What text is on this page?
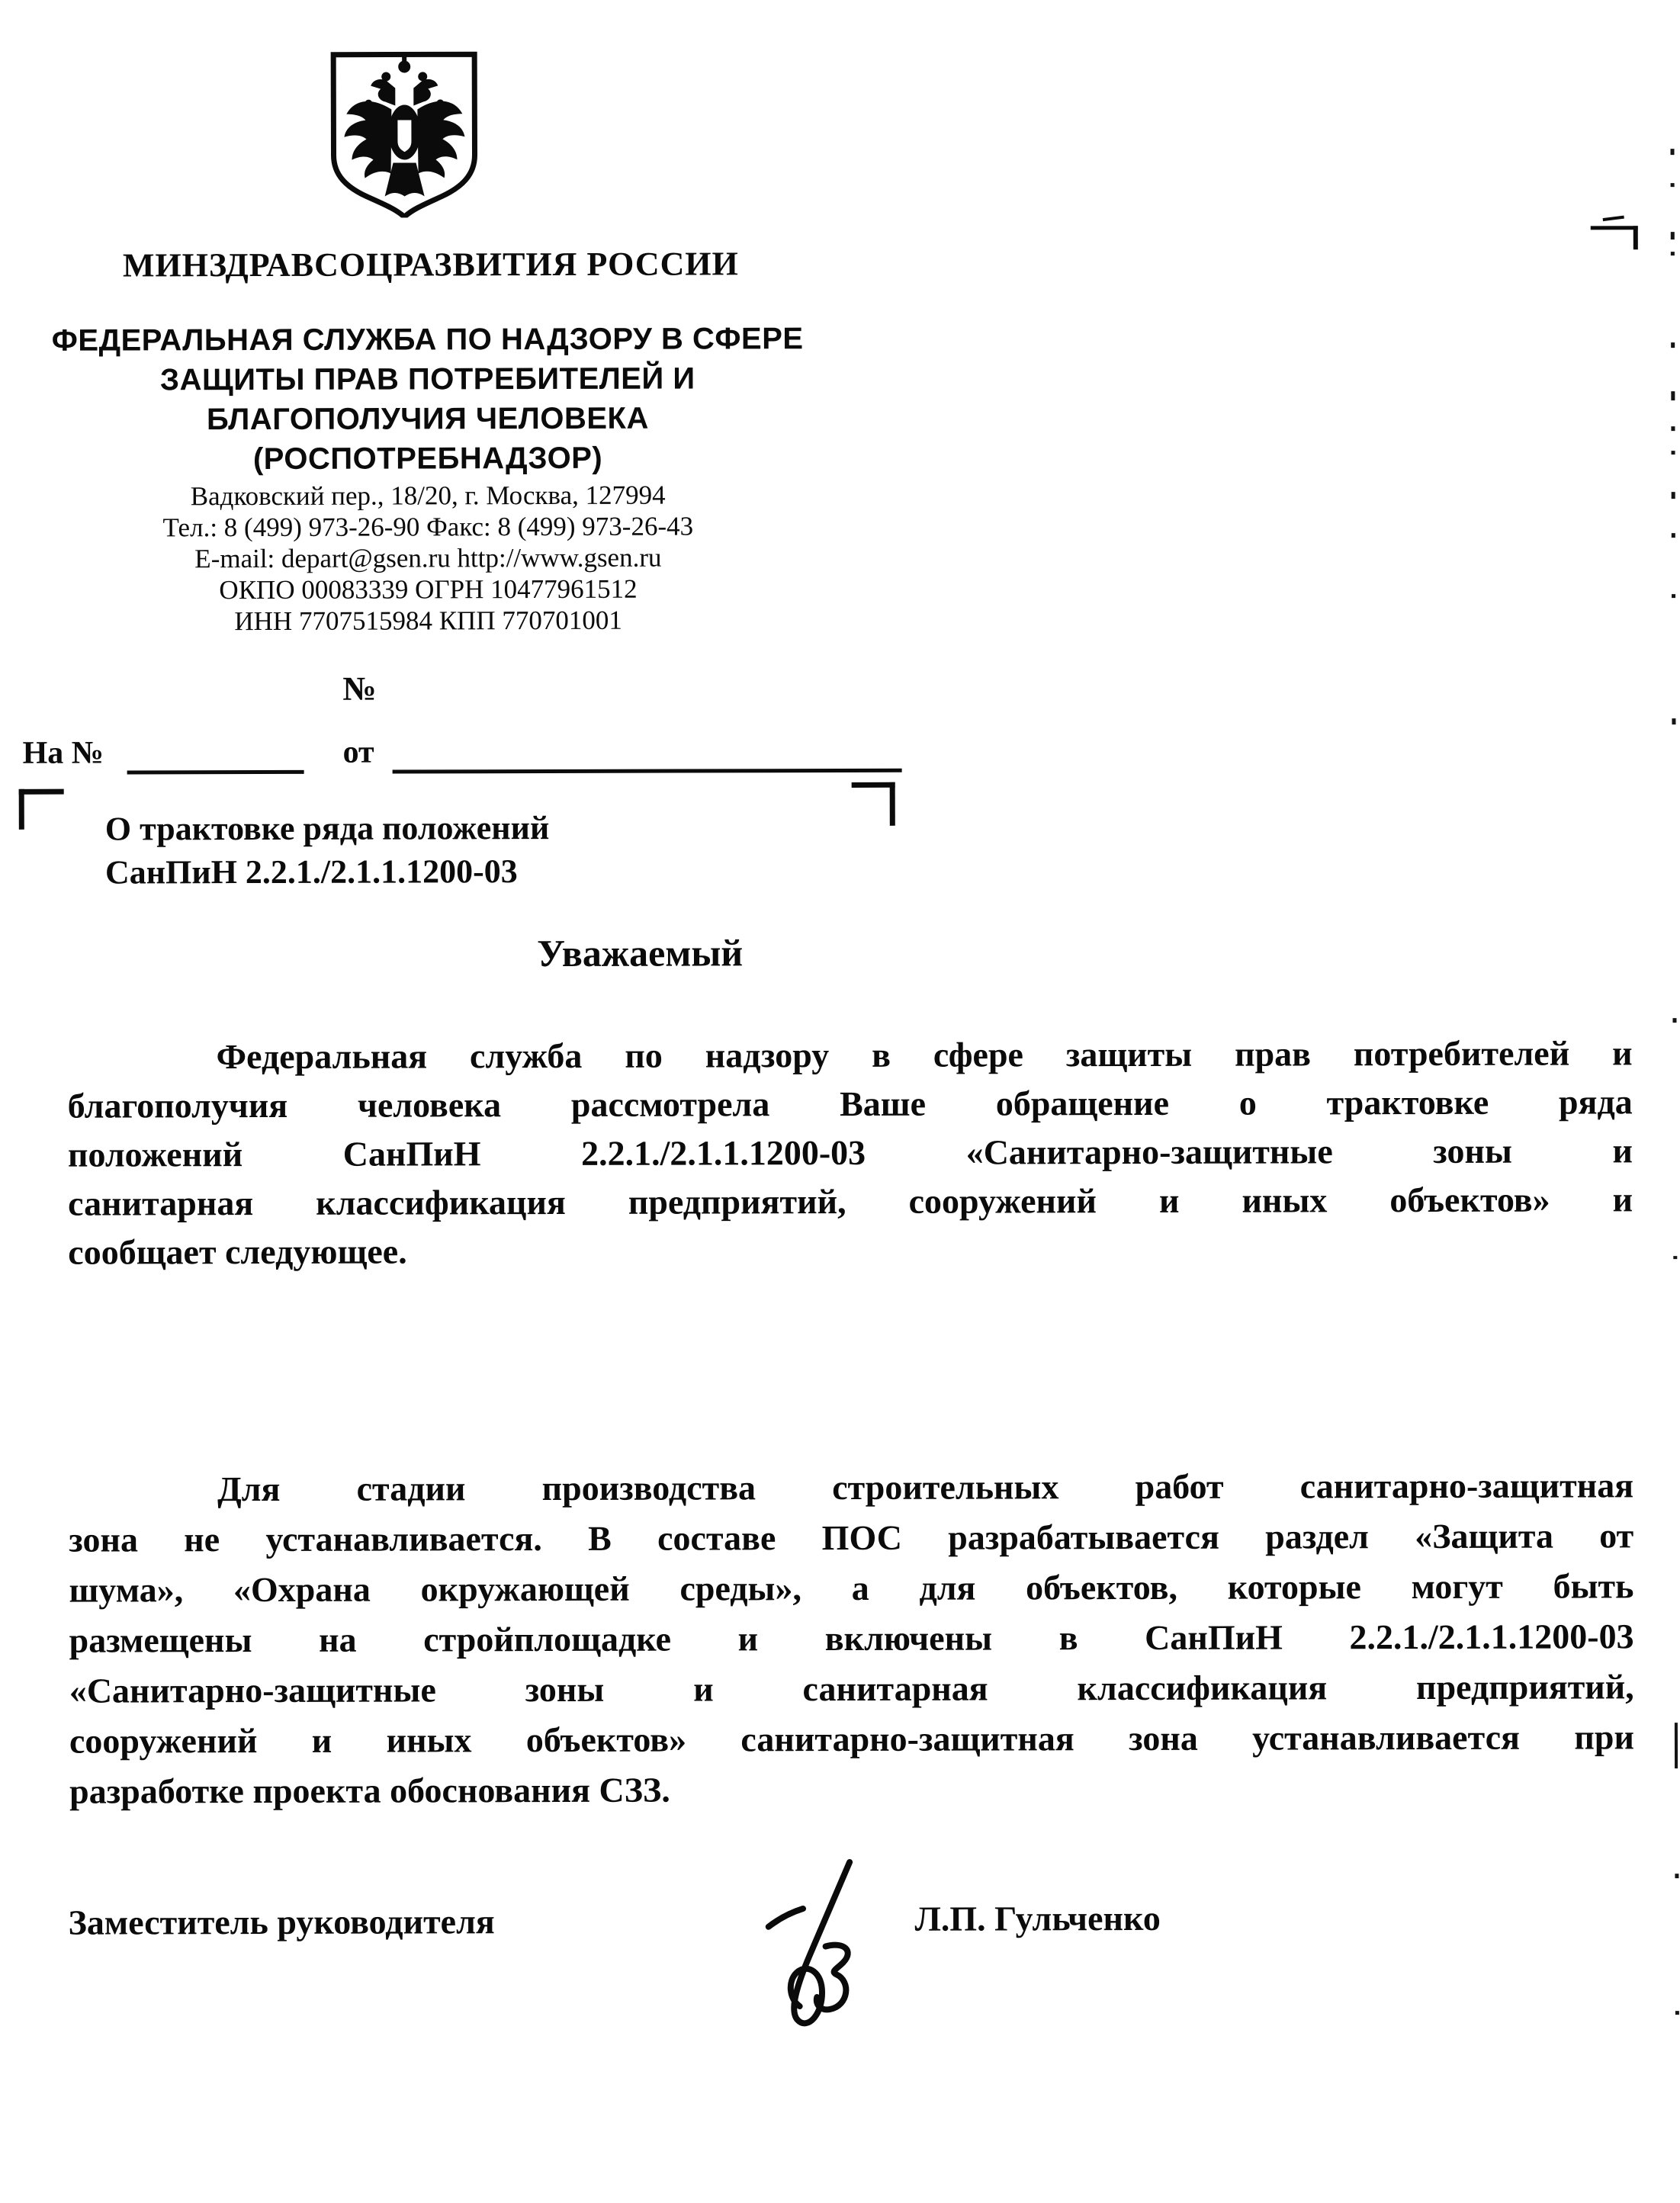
МИНЗДРАВСОЦРАЗВИТИЯ РОССИИ
ФЕДЕРАЛЬНАЯ СЛУЖБА ПО НАДЗОРУ В СФЕРЕ
ЗАЩИТЫ ПРАВ ПОТРЕБИТЕЛЕЙ И
БЛАГОПОЛУЧИЯ ЧЕЛОВЕКА
(РОСПОТРЕБНАДЗОР)
Вадковский пер., 18/20, г. Москва, 127994
Тел.: 8 (499) 973-26-90 Факс: 8 (499) 973-26-43
E-mail: depart@gsen.ru http://www.gsen.ru
ОКПО 00083339 ОГРН 10477961512
ИНН 7707515984 КПП 770701001
№
На №	от
О трактовке ряда положений
СанПиН 2.2.1./2.1.1.1200-03
Уважаемый
Федеральная служба по надзору в сфере защиты прав потребителей и
благополучия человека рассмотрела Ваше обращение о трактовке ряда
положений СанПиН 2.2.1./2.1.1.1200-03 «Санитарно-защитные зоны и
санитарная классификация предприятий, сооружений и иных объектов» и
сообщает следующее.
Для стадии производства строительных работ санитарно-защитная
зона не устанавливается. В составе ПОС разрабатывается раздел «Защита от
шума», «Охрана окружающей среды», а для объектов, которые могут быть
размещены на стройплощадке и включены в СанПиН 2.2.1./2.1.1.1200-03
«Санитарно-защитные зоны и санитарная классификация предприятий,
сооружений и иных объектов» санитарно-защитная зона устанавливается при
разработке проекта обоснования СЗЗ.
Заместитель руководителя	Л.П. Гульченко
